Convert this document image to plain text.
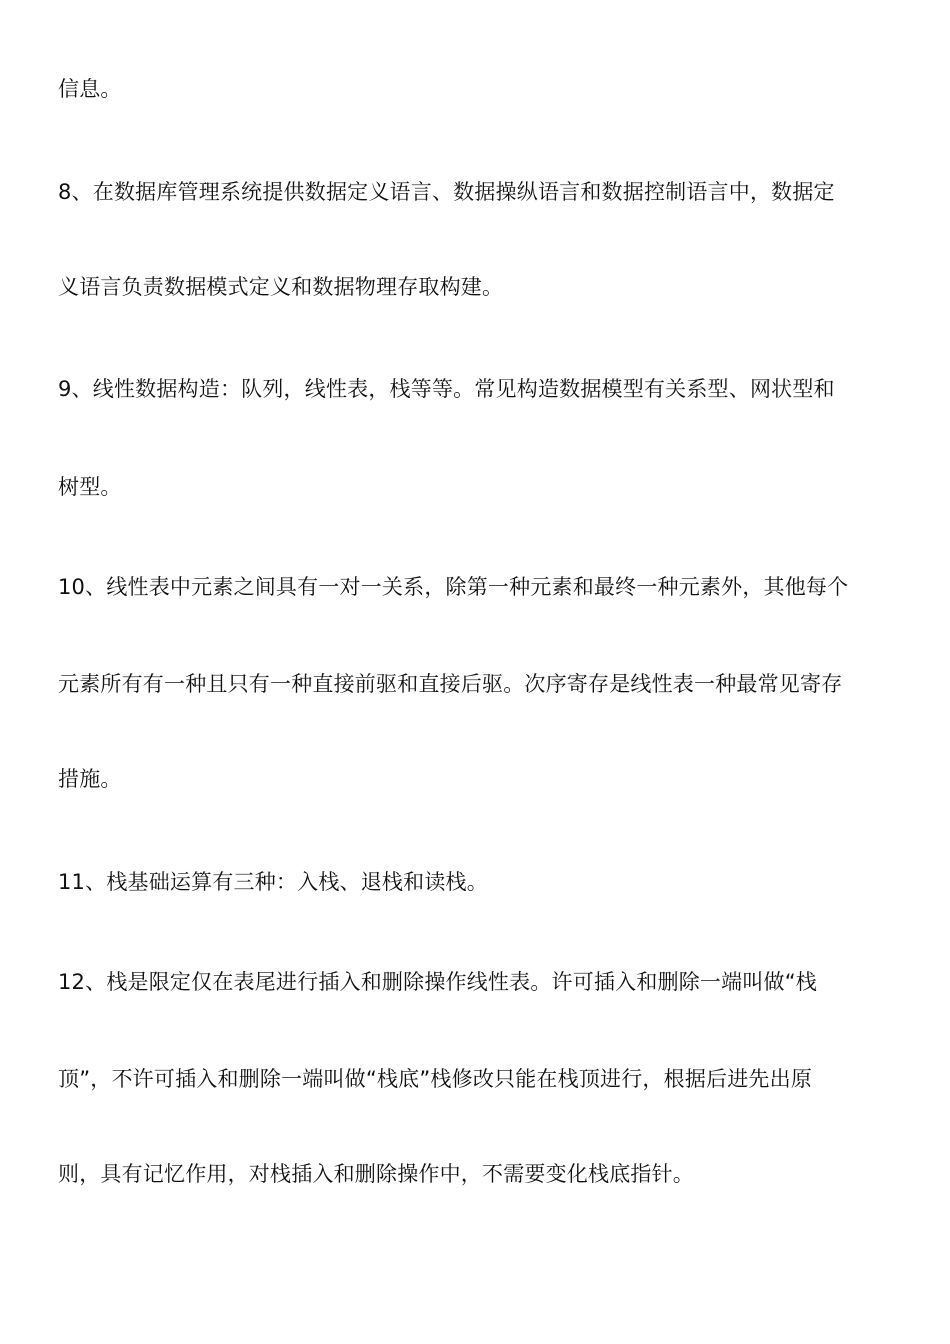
信息。
8、在数据库管理系统提供数据定义语言、数据操纵语言和数据控制语言中，数据定
义语言负责数据模式定义和数据物理存取构建。
9、线性数据构造：队列，线性表，栈等等。常见构造数据模型有关系型、网状型和
树型。
10、线性表中元素之间具有一对一关系，除第一种元素和最终一种元素外，其他每个
元素所有有一种且只有一种直接前驱和直接后驱。次序寄存是线性表一种最常见寄存
措施。
11、栈基础运算有三种：入栈、退栈和读栈。
12、栈是限定仅在表尾进行插入和删除操作线性表。许可插入和删除一端叫做“栈
顶”，不许可插入和删除一端叫做“栈底”栈修改只能在栈顶进行，根据后进先出原
则，具有记忆作用，对栈插入和删除操作中，不需要变化栈底指针。
